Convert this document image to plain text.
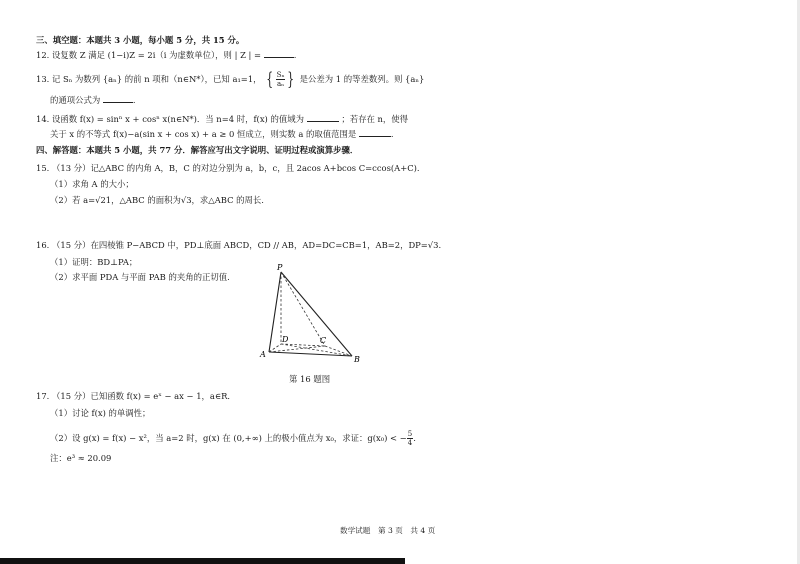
三、填空题：本题共 3 小题，每小题 5 分，共 15 分。
12. 设复数 Z 满足 (1−i)Z = 2i（i 为虚数单位），则 | Z | =	.
13. 记 Sₙ 为数列 {aₙ} 的前 n 项和（n∈N*），已知 a₁=1， { $\frac{\text{Sₙ}}{\text{aₙ}}$ } 是公差为 1 的等差数列。则 {aₙ}
的通项公式为	.
14. 设函数 f(x) = sinⁿ x + cosⁿ x(n∈N*)．当 n=4 时，f(x) 的值域为	；若存在 n，使得
关于 x 的不等式 f(x)−a(sin x + cos x) + a ≥ 0 恒成立，则实数 a 的取值范围是	.
四、解答题：本题共 5 小题，共 77 分．解答应写出文字说明、证明过程或演算步骤．
15. （13 分）记△ABC 的内角 A，B，C 的对边分别为 a，b，c，且 2acos A+bcos C=ccos(A+C).
（1）求角 A 的大小；
（2）若 a=√21，△ABC 的面积为√3，求△ABC 的周长.
16. （15 分）在四棱锥 P−ABCD 中，PD⊥底面 ABCD，CD // AB，AD=DC=CB=1，AB=2，DP=√3.
（1）证明：BD⊥PA；
（2）求平面 PDA 与平面 PAB 的夹角的正切值.
P
A
B
C
D
第 16 题图
17. （15 分）已知函数 f(x) = eˣ − ax − 1，a∈R．
（1）讨论 f(x) 的单调性；
（2）设 g(x) = f(x) − x²，当 a=2 时，g(x) 在 (0,+∞) 上的极小值点为 x₀，求证：g(x₀) < − $\frac{5}{4}$ .
注：e³ ≈ 20.09
数学试题　第 3 页　共 4 页
